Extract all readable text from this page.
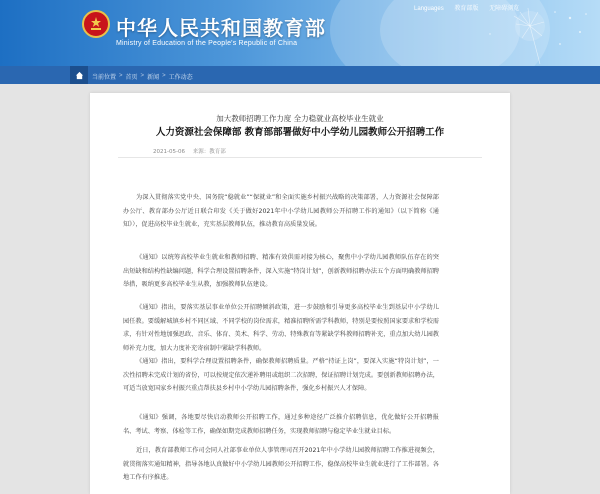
中华人民共和国教育部
Ministry of Education of the People's Republic of China
Languages 教育部版 无障碍浏览
当前位置 > 首页 > 新闻 > 工作动态
加大教师招聘工作力度 全力稳就业高校毕业生就业
人力资源社会保障部 教育部部署做好中小学幼儿园教师公开招聘工作
2021-05-06 来源：教育部

为深入贯彻落实党中央、国务院“稳就业”“保就业”和全面实施乡村振兴战略的决策部署，人力资源社会保障部办公厅、教育部办公厅近日联合印发《关于做好2021年中小学幼儿园教师公开招聘工作的通知》（以下简称《通知》），促进高校毕业生就业，充实基层教师队伍，推动教育高质量发展。

《通知》以统筹高校毕业生就业和教师招聘、精准有效供需对接为核心，聚焦中小学幼儿园教师队伍存在的突出短缺和结构性缺编问题，科学合理设置招聘条件，深入实施“特岗计划”，创新教师招聘办法五个方面明确教师招聘举措，吸纳更多高校毕业生从教，加强教师队伍建设。

《通知》指出，要落实基层事业单位公开招聘倾斜政策，进一步鼓励和引导更多高校毕业生到基层中小学幼儿园任教。要缓解城镇乡村不同区域、不同学校的岗位需求，精准招聘所需学科教师，特别是要按照国家要求和学校需求，有针对性地加强思政、音乐、体育、美术、科学、劳动、特殊教育等紧缺学科教师招聘补充，重点加大幼儿园教师补充力度，加大力度补充寄宿制中紧缺学科教师。

《通知》指出，要科学合理设置招聘条件，确保教师招聘质量。严格“持证上岗”，要深入实施“特岗计划”，一次性招聘未完成计划的省份，可以按规定依次递补聘用或组织二次招聘，保证招聘计划完成。要创新教师招聘办法，可适当放宽国家乡村振兴重点帮扶县乡村中小学幼儿园招聘条件，强化乡村振兴人才保障。

《通知》强调，各地要尽快启动教师公开招聘工作，通过多种途径广泛推介招聘信息，优化做好公开招聘报名、考试、考察、体检等工作，确保如期完成教师招聘任务，实现教师招聘与稳定毕业生就业目标。

近日，教育部教师工作司会同人社部事业单位人事管理司召开2021年中小学幼儿园教师招聘工作推进视频会，就贯彻落实通知精神，指导各地认真做好中小学幼儿园教师公开招聘工作，稳保高校毕业生就业进行了工作部署。各地工作有序推进。
